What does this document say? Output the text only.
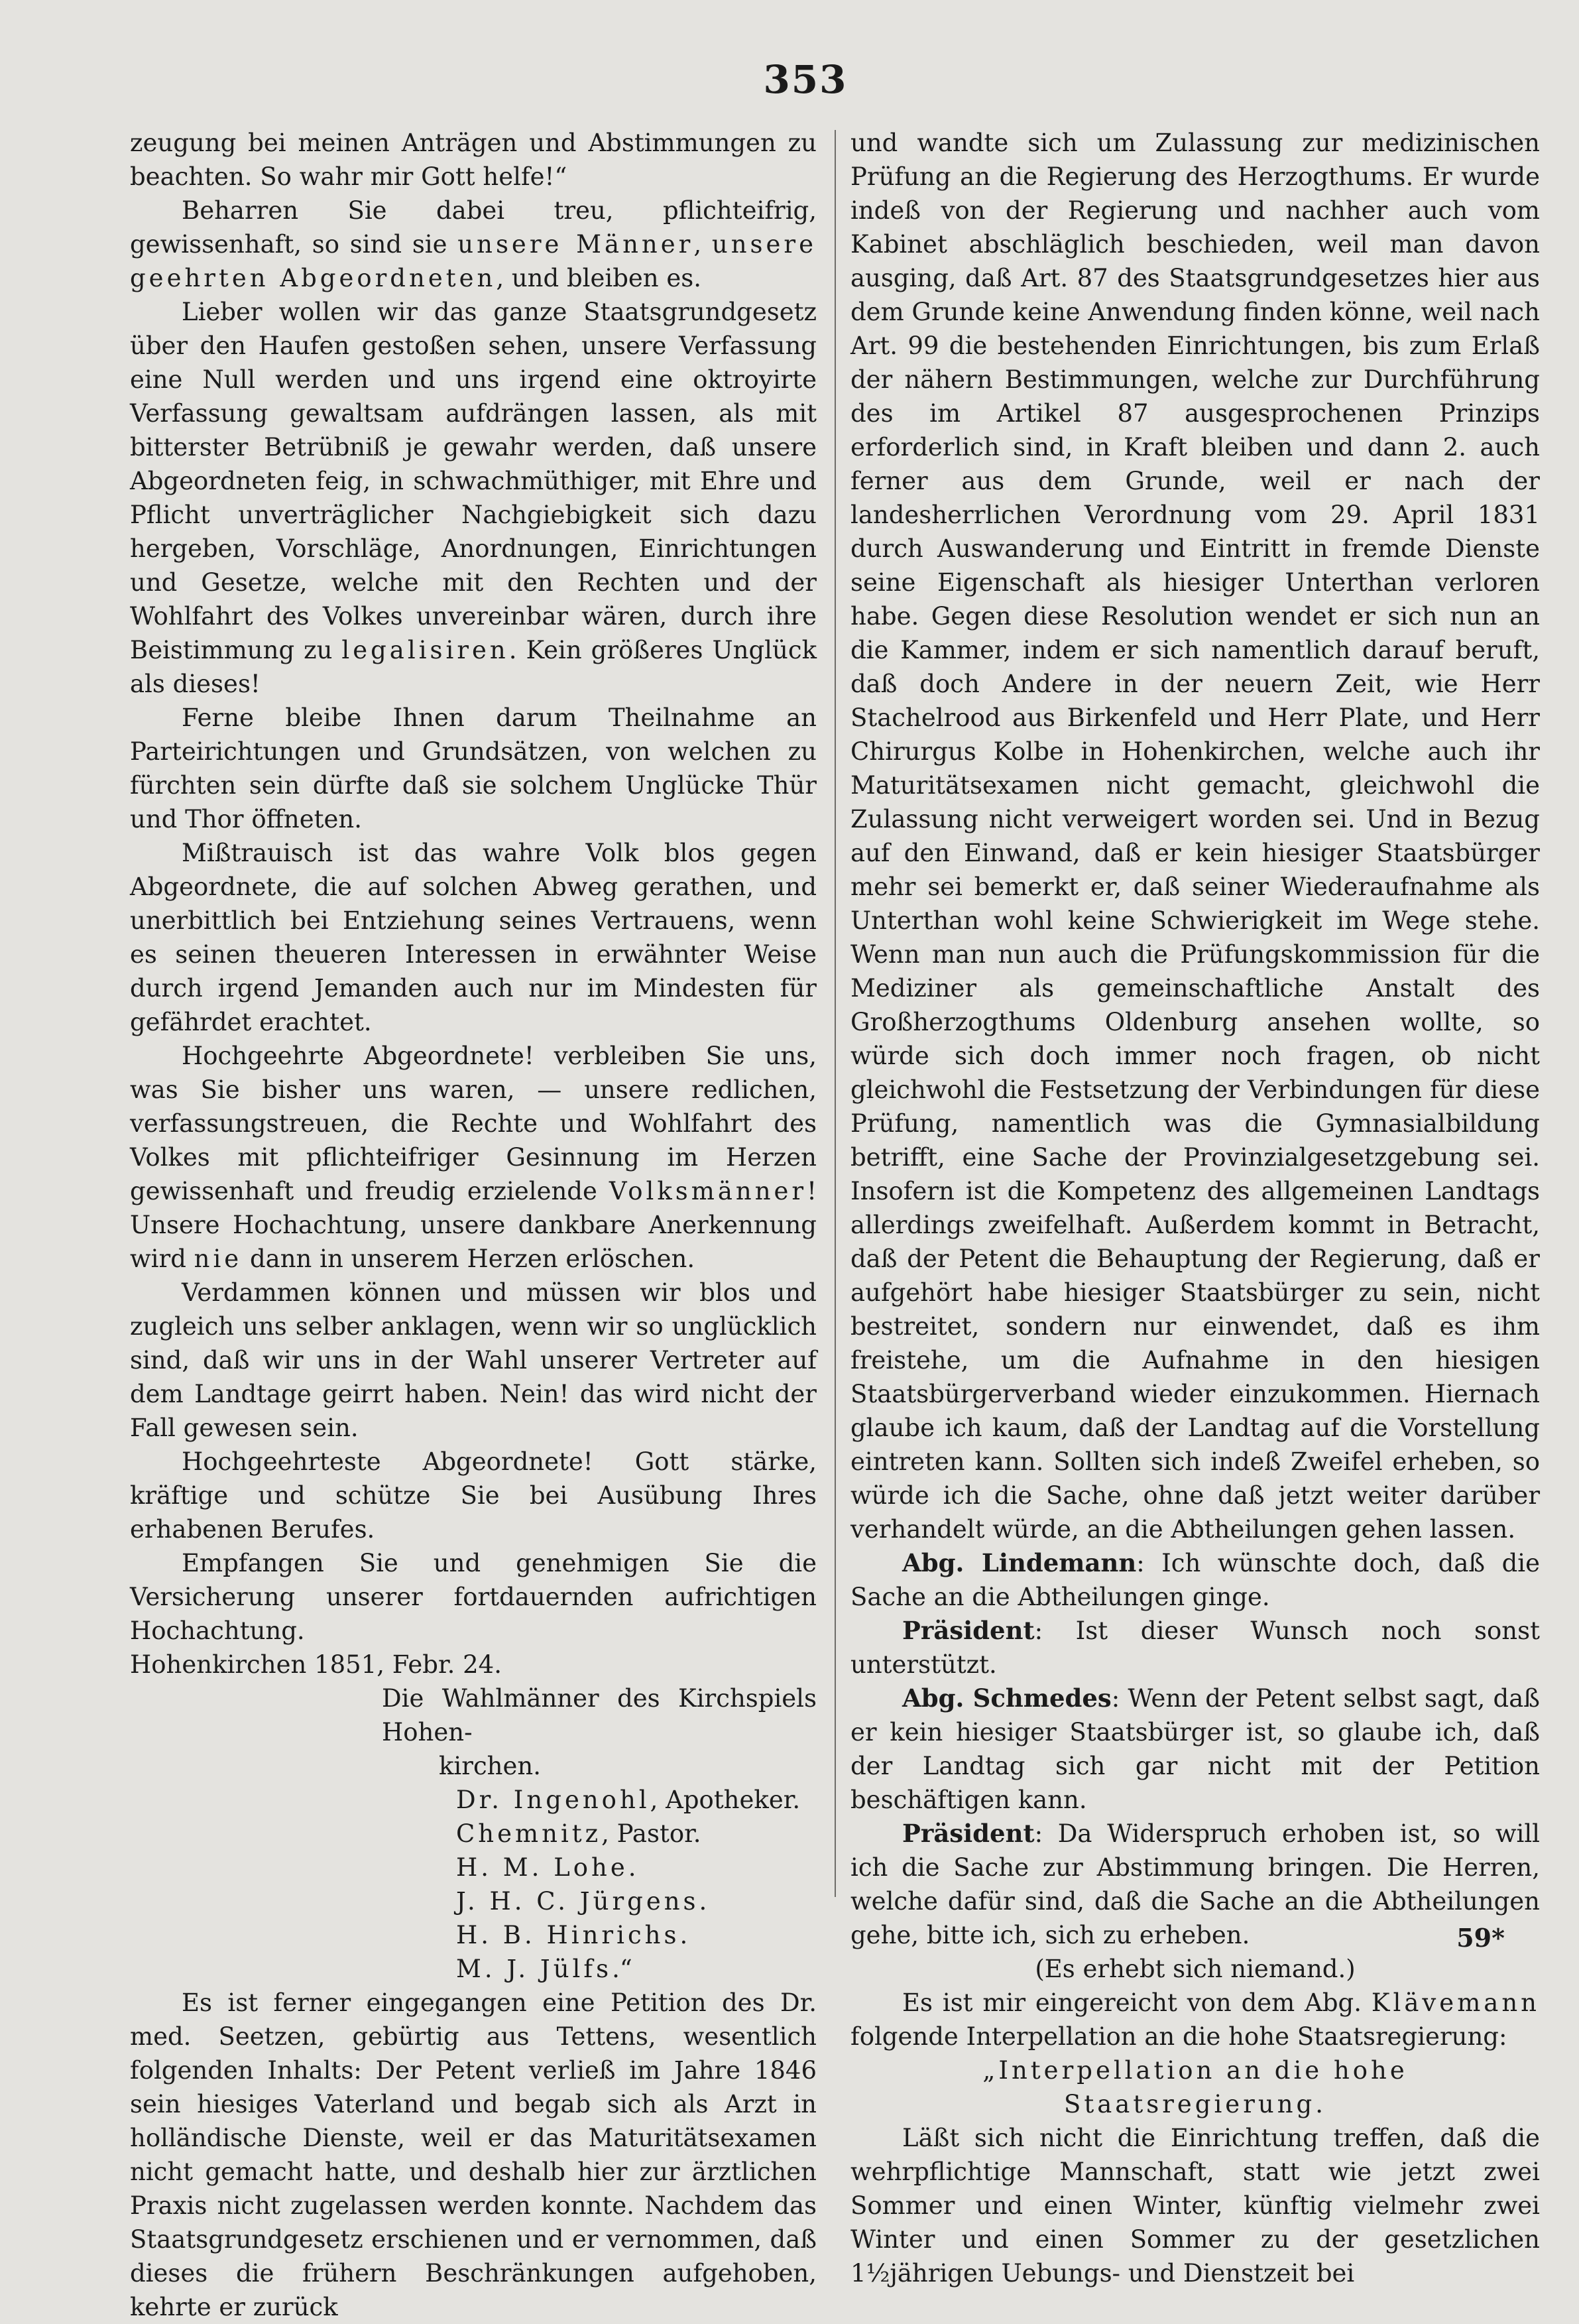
353

zeugung bei meinen Anträgen und Abstimmungen zu beachten. So wahr mir Gott helfe!“

Beharren Sie dabei treu, pflichteifrig, gewissenhaft, so sind sie unsere Männer, unsere geehrten Abgeordneten, und bleiben es.

Lieber wollen wir das ganze Staatsgrundgesetz über den Haufen gestoßen sehen, unsere Verfassung eine Null werden und uns irgend eine oktroyirte Verfassung gewaltsam aufdrängen lassen, als mit bitterster Betrübniß je gewahr werden, daß unsere Abgeordneten feig, in schwachmüthiger, mit Ehre und Pflicht unverträglicher Nachgiebigkeit sich dazu hergeben, Vorschläge, Anordnungen, Einrichtungen und Gesetze, welche mit den Rechten und der Wohlfahrt des Volkes unvereinbar wären, durch ihre Beistimmung zu legalisiren. Kein größeres Unglück als dieses!

Ferne bleibe Ihnen darum Theilnahme an Parteirichtungen und Grundsätzen, von welchen zu fürchten sein dürfte daß sie solchem Unglücke Thür und Thor öffneten.

Mißtrauisch ist das wahre Volk blos gegen Abgeordnete, die auf solchen Abweg gerathen, und unerbittlich bei Entziehung seines Vertrauens, wenn es seinen theueren Interessen in erwähnter Weise durch irgend Jemanden auch nur im Mindesten für gefährdet erachtet.

Hochgeehrte Abgeordnete! verbleiben Sie uns, was Sie bisher uns waren, — unsere redlichen, verfassungstreuen, die Rechte und Wohlfahrt des Volkes mit pflichteifriger Gesinnung im Herzen gewissenhaft und freudig erzielende Volksmänner! Unsere Hochachtung, unsere dankbare Anerkennung wird nie dann in unserem Herzen erlöschen.

Verdammen können und müssen wir blos und zugleich uns selber anklagen, wenn wir so unglücklich sind, daß wir uns in der Wahl unserer Vertreter auf dem Landtage geirrt haben. Nein! das wird nicht der Fall gewesen sein.

Hochgeehrteste Abgeordnete! Gott stärke, kräftige und schütze Sie bei Ausübung Ihres erhabenen Berufes.

Empfangen Sie und genehmigen Sie die Versicherung unserer fortdauernden aufrichtigen Hochachtung.

Hohenkirchen 1851, Febr. 24.

Die Wahlmänner des Kirchspiels Hohen-

kirchen.

Dr. Ingenohl, Apotheker.

Chemnitz, Pastor.

H. M. Lohe.

J. H. C. Jürgens.

H. B. Hinrichs.

M. J. Jülfs.“

Es ist ferner eingegangen eine Petition des Dr. med. Seetzen, gebürtig aus Tettens, wesentlich folgenden Inhalts: Der Petent verließ im Jahre 1846 sein hiesiges Vaterland und begab sich als Arzt in holländische Dienste, weil er das Maturitätsexamen nicht gemacht hatte, und deshalb hier zur ärztlichen Praxis nicht zugelassen werden konnte. Nachdem das Staatsgrundgesetz erschienen und er vernommen, daß dieses die frühern Beschränkungen aufgehoben, kehrte er zurück

und wandte sich um Zulassung zur medizinischen Prüfung an die Regierung des Herzogthums. Er wurde indeß von der Regierung und nachher auch vom Kabinet abschläglich beschieden, weil man davon ausging, daß Art. 87 des Staatsgrundgesetzes hier aus dem Grunde keine Anwendung finden könne, weil nach Art. 99 die bestehenden Einrichtungen, bis zum Erlaß der nähern Bestimmungen, welche zur Durchführung des im Artikel 87 ausgesprochenen Prinzips erforderlich sind, in Kraft bleiben und dann 2. auch ferner aus dem Grunde, weil er nach der landesherrlichen Verordnung vom 29. April 1831 durch Auswanderung und Eintritt in fremde Dienste seine Eigenschaft als hiesiger Unterthan verloren habe. Gegen diese Resolution wendet er sich nun an die Kammer, indem er sich namentlich darauf beruft, daß doch Andere in der neuern Zeit, wie Herr Stachelrood aus Birkenfeld und Herr Plate, und Herr Chirurgus Kolbe in Hohenkirchen, welche auch ihr Maturitätsexamen nicht gemacht, gleichwohl die Zulassung nicht verweigert worden sei. Und in Bezug auf den Einwand, daß er kein hiesiger Staatsbürger mehr sei bemerkt er, daß seiner Wiederaufnahme als Unterthan wohl keine Schwierigkeit im Wege stehe. Wenn man nun auch die Prüfungskommission für die Mediziner als gemeinschaftliche Anstalt des Großherzogthums Oldenburg ansehen wollte, so würde sich doch immer noch fragen, ob nicht gleichwohl die Festsetzung der Verbindungen für diese Prüfung, namentlich was die Gymnasialbildung betrifft, eine Sache der Provinzialgesetzgebung sei. Insofern ist die Kompetenz des allgemeinen Landtags allerdings zweifelhaft. Außerdem kommt in Betracht, daß der Petent die Behauptung der Regierung, daß er aufgehört habe hiesiger Staatsbürger zu sein, nicht bestreitet, sondern nur einwendet, daß es ihm freistehe, um die Aufnahme in den hiesigen Staatsbürgerverband wieder einzukommen. Hiernach glaube ich kaum, daß der Landtag auf die Vorstellung eintreten kann. Sollten sich indeß Zweifel erheben, so würde ich die Sache, ohne daß jetzt weiter darüber verhandelt würde, an die Abtheilungen gehen lassen.

Abg. Lindemann: Ich wünschte doch, daß die Sache an die Abtheilungen ginge.

Präsident: Ist dieser Wunsch noch sonst unterstützt.

Abg. Schmedes: Wenn der Petent selbst sagt, daß er kein hiesiger Staatsbürger ist, so glaube ich, daß der Landtag sich gar nicht mit der Petition beschäftigen kann.

Präsident: Da Widerspruch erhoben ist, so will ich die Sache zur Abstimmung bringen. Die Herren, welche dafür sind, daß die Sache an die Abtheilungen gehe, bitte ich, sich zu erheben.

(Es erhebt sich niemand.)

Es ist mir eingereicht von dem Abg. Klävemann folgende Interpellation an die hohe Staatsregierung:

„Interpellation an die hohe Staatsregierung.

Läßt sich nicht die Einrichtung treffen, daß die wehrpflichtige Mannschaft, statt wie jetzt zwei Sommer und einen Winter, künftig vielmehr zwei Winter und einen Sommer zu der gesetzlichen 1½jährigen Uebungs- und Dienstzeit bei

59*
